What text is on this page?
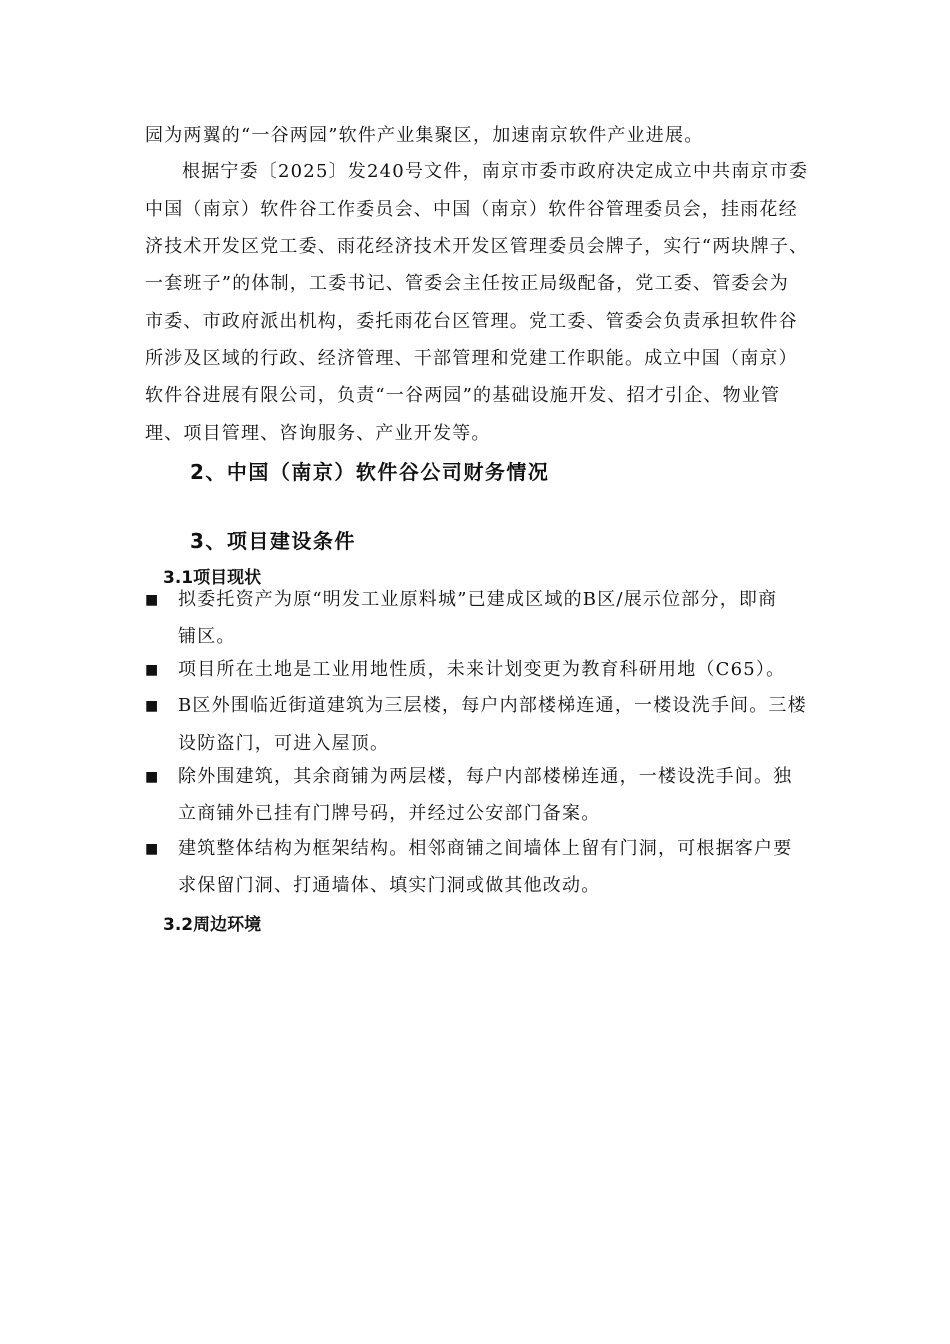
园为两翼的“一谷两园”软件产业集聚区，加速南京软件产业进展。
根据宁委〔2025〕发240号文件，南京市委市政府决定成立中共南京市委
中国（南京）软件谷工作委员会、中国（南京）软件谷管理委员会，挂雨花经
济技术开发区党工委、雨花经济技术开发区管理委员会牌子，实行“两块牌子、
一套班子”的体制，工委书记、管委会主任按正局级配备，党工委、管委会为
市委、市政府派出机构，委托雨花台区管理。党工委、管委会负责承担软件谷
所涉及区域的行政、经济管理、干部管理和党建工作职能。成立中国（南京）
软件谷进展有限公司，负责“一谷两园”的基础设施开发、招才引企、物业管
理、项目管理、咨询服务、产业开发等。
2、中国（南京）软件谷公司财务情况
3、项目建设条件
3.1项目现状
■ 拟委托资产为原“明发工业原料城”已建成区域的B区/展示位部分，即商
铺区。
■ 项目所在土地是工业用地性质，未来计划变更为教育科研用地（C65）。
■ B区外围临近街道建筑为三层楼，每户内部楼梯连通，一楼设洗手间。三楼
设防盗门，可进入屋顶。
■ 除外围建筑，其余商铺为两层楼，每户内部楼梯连通，一楼设洗手间。独
立商铺外已挂有门牌号码，并经过公安部门备案。
■ 建筑整体结构为框架结构。相邻商铺之间墙体上留有门洞，可根据客户要
求保留门洞、打通墙体、填实门洞或做其他改动。
3.2周边环境
